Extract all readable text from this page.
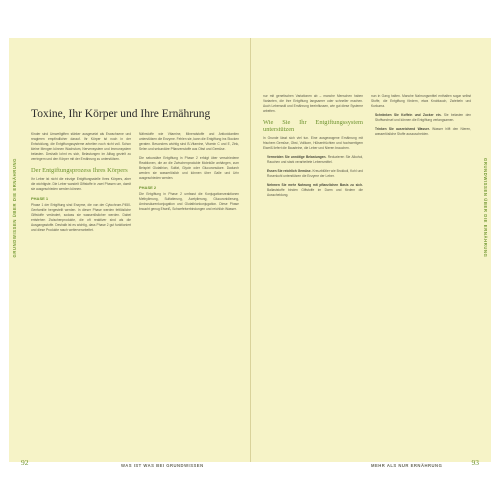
GRUNDWISSEN ÜBER DIE ERNÄHRUNG
Toxine, Ihr Körper und Ihre Ernährung

Kinder sind Umweltgiften stärker ausgesetzt als Erwachsene und reagieren empfindlicher darauf. Ihr Körper ist noch in der Entwicklung, die Entgiftungssysteme arbeiten noch nicht voll. Schon kleine Mengen können Wachstum, Nervensystem und Immunsystem belasten. Deshalb lohnt es sich, Belastungen im Alltag gezielt zu verringern und den Körper mit der Ernährung zu unterstützen.

Der Entgiftungsprozess Ihres Körpers

Ihr Leber ist nicht die einzige Entgiftungsstelle Ihres Körpers, aber die wichtigste. Die Leber wandelt Giftstoffe in zwei Phasen um, damit sie ausgeschieden werden können.

PHASE 1

Phase 1 der Entgiftung sind Enzyme, die von der Cytochrom-P450-Genfamilie hergestellt werden. In dieser Phase werden fettlösliche Giftstoffe verändert, sodass sie wasserlöslicher werden. Dabei entstehen Zwischenprodukte, die oft reaktiver sind als die Ausgangsstoffe. Deshalb ist es wichtig, dass Phase 2 gut funktioniert und diese Produkte rasch weiterverarbeitet.

Nährstoffe wie Vitamine, Mineralstoffe und Antioxidantien unterstützen die Enzyme. Fehlen sie, kann die Entgiftung ins Stocken geraten. Besonders wichtig sind B-Vitamine, Vitamin C und E, Zink, Selen und sekundäre Pflanzenstoffe aus Obst und Gemüse.

Die sekundäre Entgiftung in Phase 2 erfolgt über verschiedene Reaktionen, die an die Zwischenprodukte Moleküle anhängen, zum Beispiel Glutathion, Sulfat, Glycin oder Glucuronsäure. Dadurch werden sie wasserlöslich und können über Galle und Urin ausgeschieden werden.

PHASE 2

Die Entgiftung in Phase 2 umfasst die Konjugationsreaktionen Methylierung, Sulfatierung, Acetylierung, Glucuronidierung, Aminosäurenkonjugation und Glutathionkonjugation. Diese Phase braucht genug Eiweiß, Schwefelverbindungen und reichlich Wasser.

92	WAS IST WAS BEI GRUNDWISSEN
GRUNDWISSEN ÜBER DIE ERNÄHRUNG

nur mit genetischen Variationen ab – manche Menschen haben Varianten, die ihre Entgiftung langsamer oder schneller machen. Auch Lebensstil und Ernährung beeinflussen, wie gut diese Systeme arbeiten.

Wie Sie Ihr Entgiftungssystem unterstützen

In Grunde lässt sich viel tun. Eine ausgewogene Ernährung mit frischem Gemüse, Obst, Vollkorn, Hülsenfrüchten und hochwertigem Eiweiß liefert die Bausteine, die Leber und Nieren brauchen.

Vermeiden Sie unnötige Belastungen. Reduzieren Sie Alkohol, Rauchen und stark verarbeitete Lebensmittel.
Essen Sie reichlich Gemüse. Kreuzblütler wie Brokkoli, Kohl und Rosenkohl unterstützen die Enzyme der Leber.
Nehmen Sie mehr Nahrung mit pflanzlichen Basis zu sich. Ballaststoffe binden Giftstoffe im Darm und fördern die Ausscheidung.

nun in Gang halten. Manche Nahrungsmittel enthalten sogar selbst Stoffe, die Entgiftung fördern, etwa Knoblauch, Zwiebeln und Kurkuma.

Schränken Sie Koffein und Zucker ein. Sie belasten den Stoffwechsel und können die Entgiftung verlangsamen.
Trinken Sie ausreichend Wasser. Wasser hilft den Nieren, wasserlösliche Stoffe auszuscheiden.
MEHR ALS NUR ERNÄHRUNG	93
